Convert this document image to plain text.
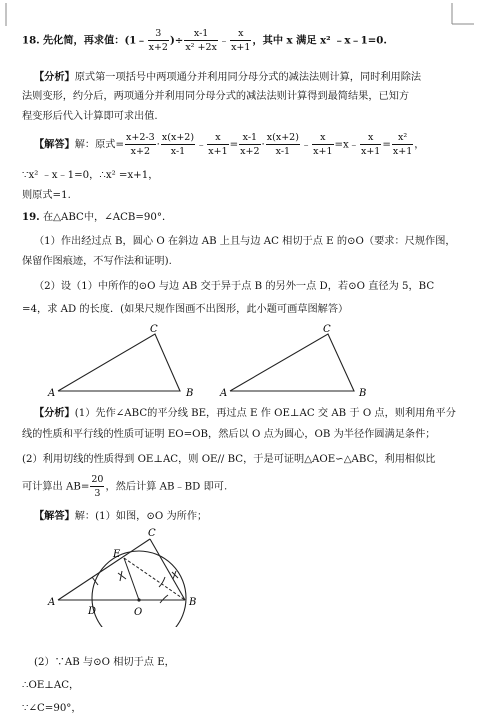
18. 先化简，再求值：(1﹣ $\frac{3}{x+2}$ )÷ $\frac{x-1}{\text{x² +2x}}$ ﹣ $\frac{x}{x+1}$ ，其中 x 满足 x² ﹣x﹣1=0.
【分析】原式第一项括号中两项通分并利用同分母分式的减法法则计算，同时利用除法
法则变形，约分后，两项通分并利用同分母分式的减法法则计算得到最简结果，已知方
程变形后代入计算即可求出值.
【解答】解：原式= $\frac{x+2-3}{x+2} \cdot \frac{x(x+2)}{x-1}$ ﹣ $\frac{x}{x+1} = \frac{x-1}{x+2} \cdot \frac{x(x+2)}{x-1}$ ﹣ $\frac{x}{x+1}$ =x﹣ $\frac{x}{x+1} = \frac{\text{x²}}{x+1}$ ，
∵x² ﹣x﹣1=0，∴x² =x+1，
则原式=1.
19. 在△ABC中，∠ACB=90°．
（1）作出经过点 B，圆心 O 在斜边 AB 上且与边 AC 相切于点 E 的⊙O（要求：尺规作图，
保留作图痕迹，不写作法和证明).
（2）设（1）中所作的⊙O 与边 AB 交于异于点 B 的另外一点 D，若⊙O 直径为 5，BC
=4，求 AD 的长度．(如果尺规作图画不出图形，此小题可画草图解答）
A	B
C
A	B
C
【分析】(1）先作∠ABC的平分线 BE，再过点 E 作 OE⊥AC 交 AB 于 O 点，则利用角平分
线的性质和平行线的性质可证明 EO=OB，然后以 O 点为圆心，OB 为半径作圆满足条件；
(2）利用切线的性质得到 OE⊥AC，则 OE// BC，于是可证明△AOE∽△ABC，利用相似比
可计算出 $AB= \frac{20}{3}$ ，然后计算 AB﹣BD 即可.
【解答】解：(1）如图，⊙O 为所作；
A	B
C
D
E
O
(2）∵AB 与⊙O 相切于点 E，
∴OE⊥AC，
∵∠C=90°，
